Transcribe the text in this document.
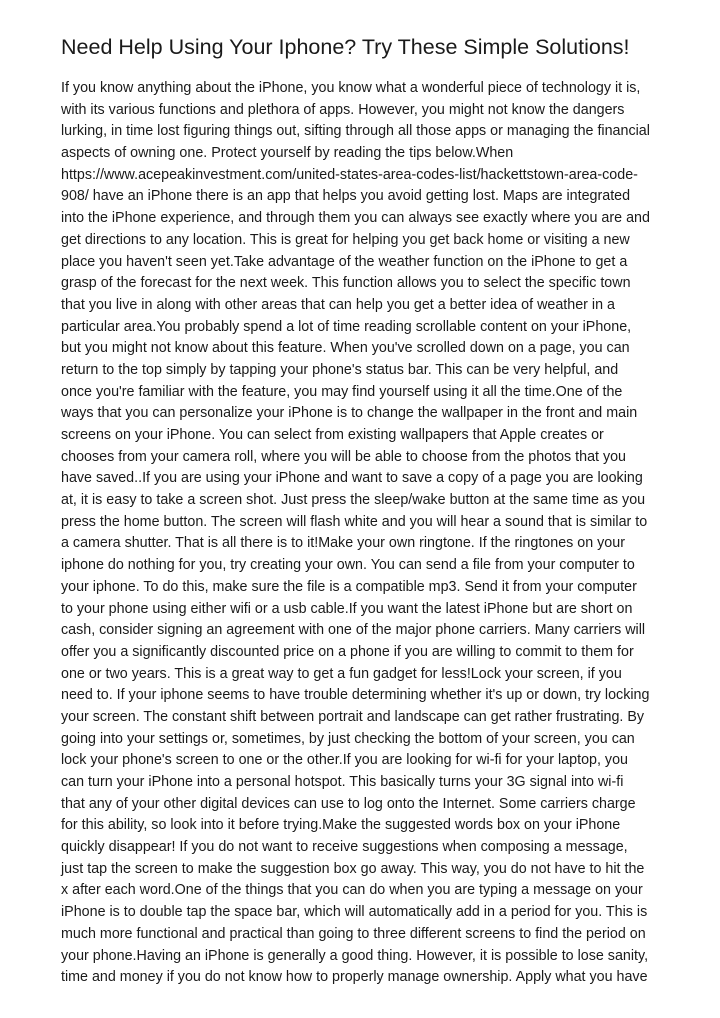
Need Help Using Your Iphone? Try These Simple Solutions!
If you know anything about the iPhone, you know what a wonderful piece of technology it is,
with its various functions and plethora of apps. However, you might not know the dangers
lurking, in time lost figuring things out, sifting through all those apps or managing the financial
aspects of owning one. Protect yourself by reading the tips below.When
https://www.acepeakinvestment.com/united-states-area-codes-list/hackettstown-area-code-
908/ have an iPhone there is an app that helps you avoid getting lost. Maps are integrated
into the iPhone experience, and through them you can always see exactly where you are and
get directions to any location. This is great for helping you get back home or visiting a new
place you haven't seen yet.Take advantage of the weather function on the iPhone to get a
grasp of the forecast for the next week. This function allows you to select the specific town
that you live in along with other areas that can help you get a better idea of weather in a
particular area.You probably spend a lot of time reading scrollable content on your iPhone,
but you might not know about this feature. When you've scrolled down on a page, you can
return to the top simply by tapping your phone's status bar. This can be very helpful, and
once you're familiar with the feature, you may find yourself using it all the time.One of the
ways that you can personalize your iPhone is to change the wallpaper in the front and main
screens on your iPhone. You can select from existing wallpapers that Apple creates or
chooses from your camera roll, where you will be able to choose from the photos that you
have saved..If you are using your iPhone and want to save a copy of a page you are looking
at, it is easy to take a screen shot. Just press the sleep/wake button at the same time as you
press the home button. The screen will flash white and you will hear a sound that is similar to
a camera shutter. That is all there is to it!Make your own ringtone. If the ringtones on your
iphone do nothing for you, try creating your own. You can send a file from your computer to
your iphone. To do this, make sure the file is a compatible mp3. Send it from your computer
to your phone using either wifi or a usb cable.If you want the latest iPhone but are short on
cash, consider signing an agreement with one of the major phone carriers. Many carriers will
offer you a significantly discounted price on a phone if you are willing to commit to them for
one or two years. This is a great way to get a fun gadget for less!Lock your screen, if you
need to. If your iphone seems to have trouble determining whether it's up or down, try locking
your screen. The constant shift between portrait and landscape can get rather frustrating. By
going into your settings or, sometimes, by just checking the bottom of your screen, you can
lock your phone's screen to one or the other.If you are looking for wi-fi for your laptop, you
can turn your iPhone into a personal hotspot. This basically turns your 3G signal into wi-fi
that any of your other digital devices can use to log onto the Internet. Some carriers charge
for this ability, so look into it before trying.Make the suggested words box on your iPhone
quickly disappear! If you do not want to receive suggestions when composing a message,
just tap the screen to make the suggestion box go away. This way, you do not have to hit the
x after each word.One of the things that you can do when you are typing a message on your
iPhone is to double tap the space bar, which will automatically add in a period for you. This is
much more functional and practical than going to three different screens to find the period on
your phone.Having an iPhone is generally a good thing. However, it is possible to lose sanity,
time and money if you do not know how to properly manage ownership. Apply what you have
